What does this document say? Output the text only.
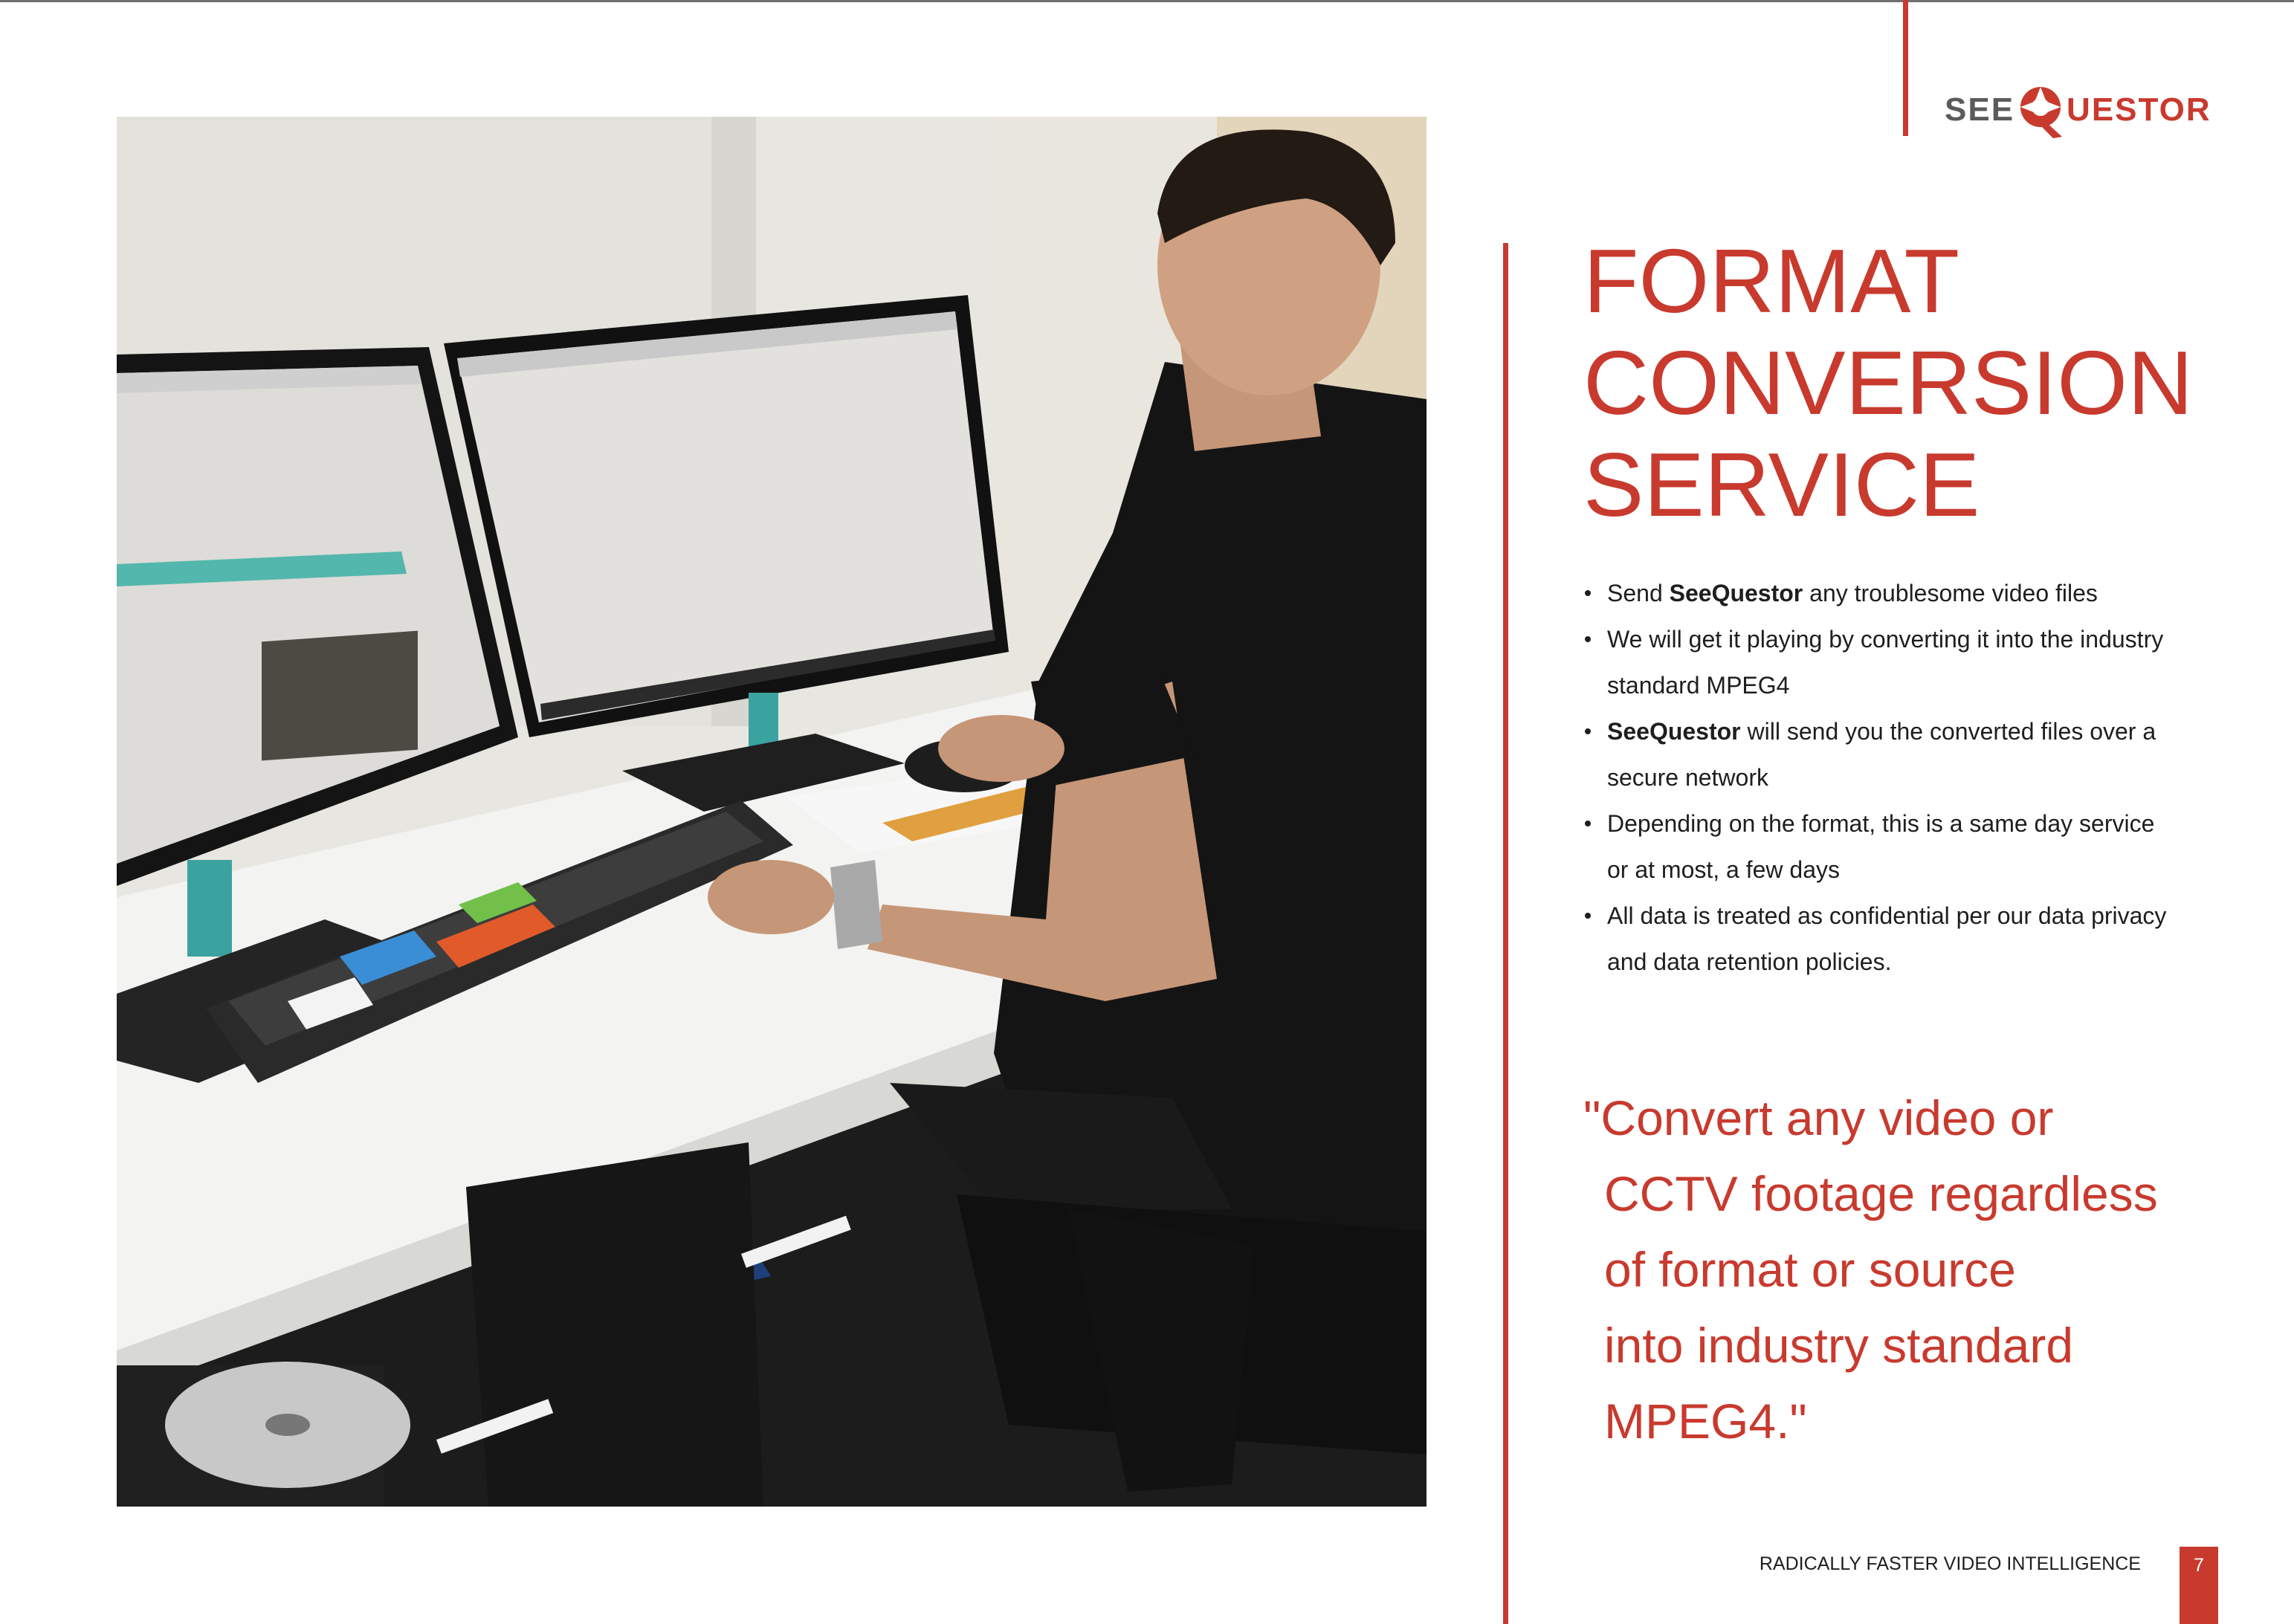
SEE UESTOR
FORMAT
CONVERSION
SERVICE
Send SeeQuestor any troublesome video files
We will get it playing by converting it into the industry standard MPEG4
SeeQuestor will send you the converted files over a secure network
Depending on the format, this is a same day service or at most, a few days
All data is treated as confidential per our data privacy and data retention policies.
"Convert any video or
CCTV footage regardless
of format or source
into industry standard
MPEG4."
RADICALLY FASTER VIDEO INTELLIGENCE	7
